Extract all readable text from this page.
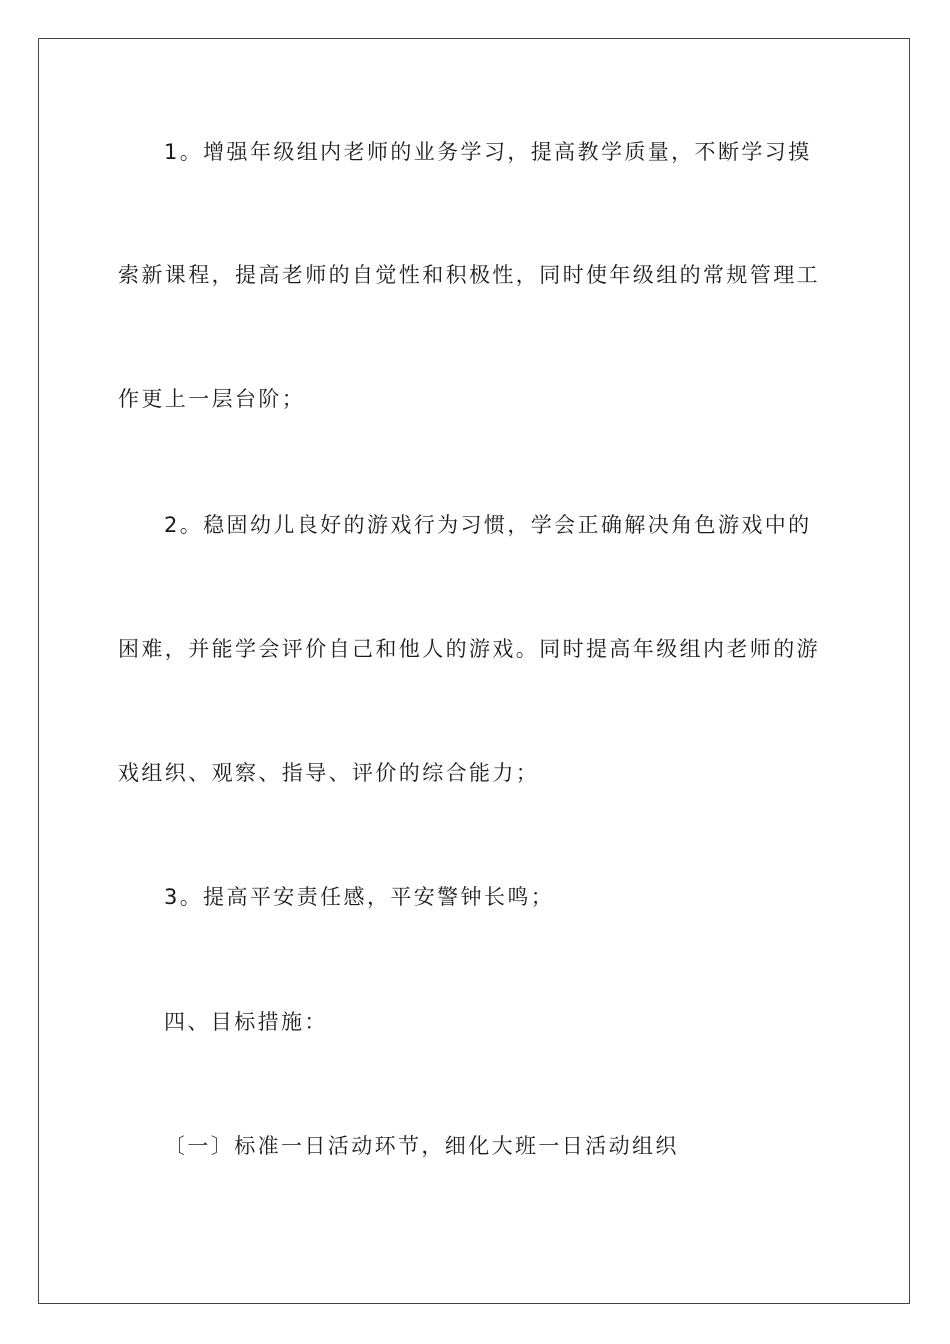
1。增强年级组内老师的业务学习，提高教学质量，不断学习摸
索新课程，提高老师的自觉性和积极性，同时使年级组的常规管理工
作更上一层台阶；
2。稳固幼儿良好的游戏行为习惯，学会正确解决角色游戏中的
困难，并能学会评价自己和他人的游戏。同时提高年级组内老师的游
戏组织、观察、指导、评价的综合能力；
3。提高平安责任感，平安警钟长鸣；
四、目标措施：
〔一〕标准一日活动环节，细化大班一日活动组织
